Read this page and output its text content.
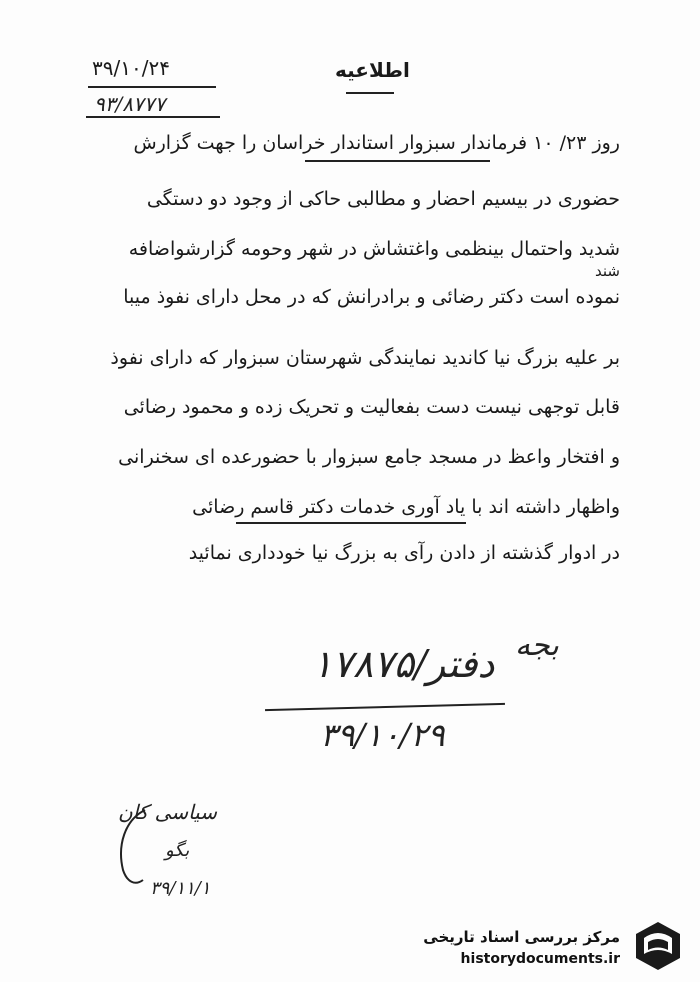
اطلاعیه
۳۹/۱۰/۲۴
۹۳/۸۷۷۷
روز ۲۳/ ۱۰ فرماندار سبزوار استاندار خراسان را جهت گزارش
حضوری در بیسیم احضار و مطالبی حاکی از وجود دو دستگی
شدید واحتمال بینظمی واغتشاش در شهر وحومه گزارشواضافه
شند
نموده است دکتر رضائی و برادرانش که در محل دارای نفوذ میبا
بر علیه بزرگ نیا کاندید نمایندگی شهرستان سبزوار که دارای نفوذ
قابل توجهی نیست دست بفعالیت و تحریک زده و محمود رضائی
و افتخار واعظ در مسجد جامع سبزوار با حضورعده ای سخنرانی
واظهار داشته اند با یاد آوری خدمات دکتر قاسم رضائی
در ادوار گذشته از دادن رآی به بزرگ نیا خودداری نمائید
بجه
۱۷۸۷۵/دفتر
۳۹/۱۰/۲۹
سیاسی کان
بگو
۳۹/۱۱/۱
مرکز بررسی اسناد تاریخی
historydocuments.ir
